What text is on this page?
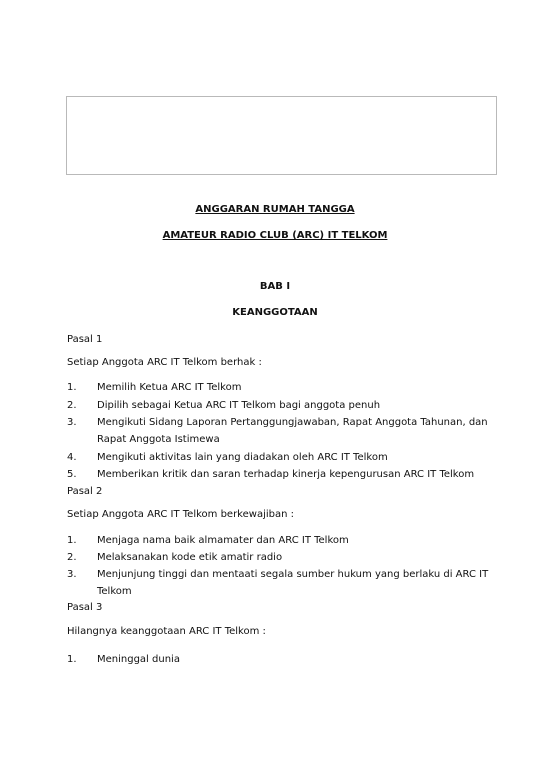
ANGGARAN RUMAH TANGGA
AMATEUR RADIO CLUB (ARC) IT TELKOM
BAB I
KEANGGOTAAN
Pasal 1
Setiap Anggota ARC IT Telkom berhak :
1. Memilih Ketua ARC IT Telkom
2. Dipilih sebagai Ketua ARC IT Telkom bagi anggota penuh
3. Mengikuti Sidang Laporan Pertanggungjawaban, Rapat Anggota Tahunan, dan Rapat Anggota Istimewa
4. Mengikuti aktivitas lain yang diadakan oleh ARC IT Telkom
5. Memberikan kritik dan saran terhadap kinerja kepengurusan ARC IT Telkom
Pasal 2
Setiap Anggota ARC IT Telkom berkewajiban :
1. Menjaga nama baik almamater dan ARC IT Telkom
2. Melaksanakan kode etik amatir radio
3. Menjunjung tinggi dan mentaati segala sumber hukum yang berlaku di ARC IT Telkom
Pasal 3
Hilangnya keanggotaan ARC IT Telkom :
1. Meninggal dunia
